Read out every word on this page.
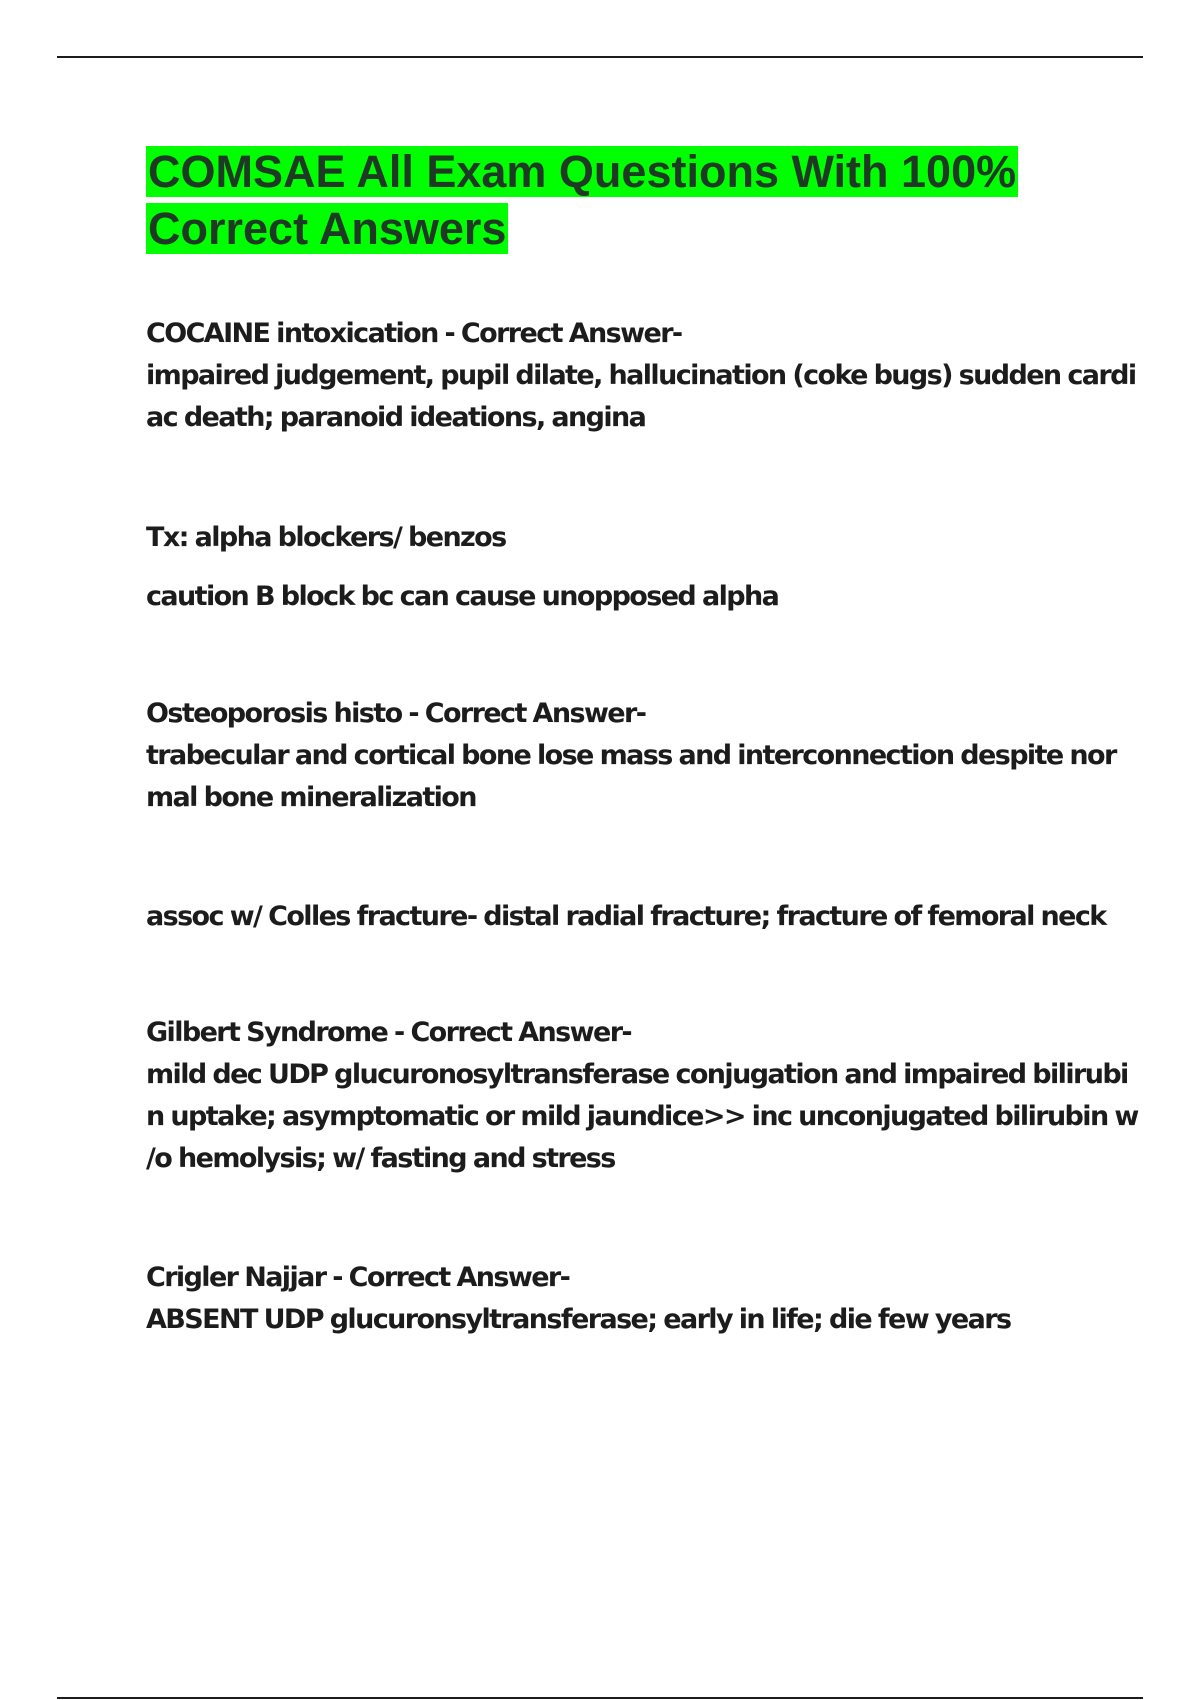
COMSAE All Exam Questions With 100%
Correct Answers
COCAINE intoxication - Correct Answer-
impaired judgement, pupil dilate, hallucination (coke bugs) sudden cardi
ac death; paranoid ideations, angina
Tx: alpha blockers/ benzos
caution B block bc can cause unopposed alpha
Osteoporosis histo - Correct Answer-
trabecular and cortical bone lose mass and interconnection despite nor
mal bone mineralization
assoc w/ Colles fracture- distal radial fracture; fracture of femoral neck
Gilbert Syndrome - Correct Answer-
mild dec UDP glucuronosyltransferase conjugation and impaired bilirubi
n uptake; asymptomatic or mild jaundice>> inc unconjugated bilirubin w
/o hemolysis; w/ fasting and stress
Crigler Najjar - Correct Answer-
ABSENT UDP glucuronsyltransferase; early in life; die few years
